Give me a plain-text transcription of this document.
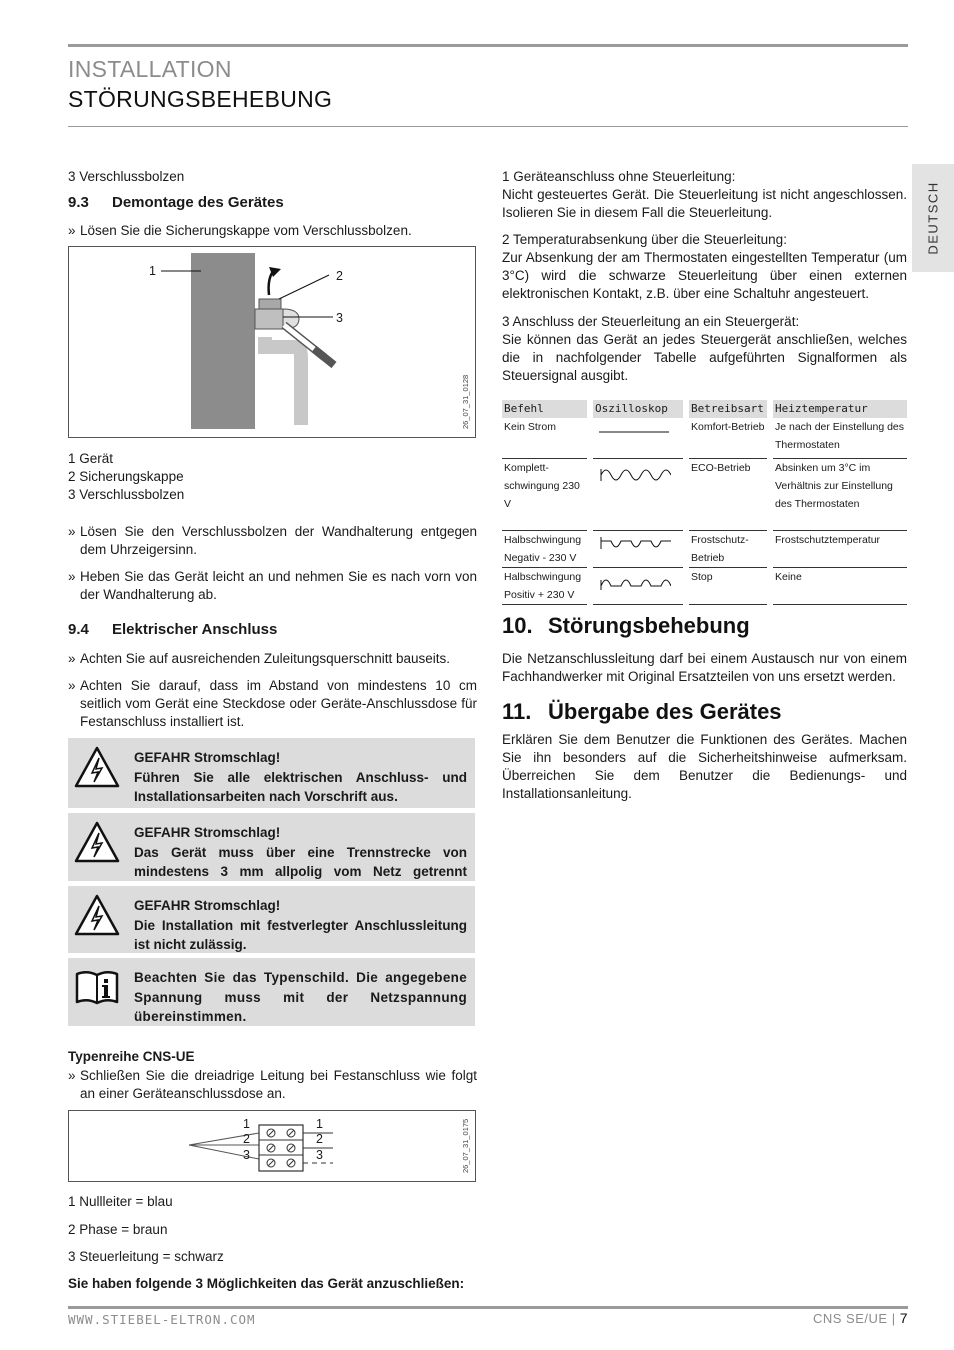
INSTALLATION
STÖRUNGSBEHEBUNG
DEUTSCH
3 Verschlussbolzen
9.3 Demontage des Gerätes
» Lösen Sie die Sicherungskappe vom Verschlussbolzen.
1	2
3
26_07_31_0128
1 Gerät
2 Sicherungskappe
3 Verschlussbolzen
» Lösen Sie den Verschlussbolzen der Wandhalterung entgegen dem Uhrzeigersinn.
» Heben Sie das Gerät leicht an und nehmen Sie es nach vorn von der Wandhalterung ab.
9.4 Elektrischer Anschluss
» Achten Sie auf ausreichenden Zuleitungsquerschnitt bauseits.
» Achten Sie darauf, dass im Abstand von mindestens 10 cm seitlich vom Gerät eine Steckdose oder Geräte-Anschlussdose für Festanschluss installiert ist.
GEFAHR Stromschlag!
Führen Sie alle elektrischen Anschluss- und Installationsarbeiten nach Vorschrift aus.
GEFAHR Stromschlag!
Das Gerät muss über eine Trennstrecke von mindestens 3 mm allpolig vom Netz getrennt
GEFAHR Stromschlag!
Die Installation mit festverlegter Anschlussleitung ist nicht zulässig.
Beachten Sie das Typenschild. Die angegebene Spannung muss mit der Netzspannung übereinstimmen.
Typenreihe CNS-UE
» Schließen Sie die dreiadrige Leitung bei Festanschluss wie folgt an einer Geräteanschlussdose an.
1
2
3
1
2
3	26_07_31_0175
1 Nullleiter = blau
2 Phase = braun
3 Steuerleitung = schwarz
Sie haben folgende 3 Möglichkeiten das Gerät anzuschließen:
1 Geräteanschluss ohne Steuerleitung:
Nicht gesteuertes Gerät. Die Steuerleitung ist nicht angeschlossen. Isolieren Sie in diesem Fall die Steuerleitung.
2 Temperaturabsenkung über die Steuerleitung:
Zur Absenkung der am Thermostaten eingestellten Temperatur (um 3°C) wird die schwarze Steuerleitung über einen externen elektronischen Kontakt, z.B. über eine Schaltuhr angesteuert.
3 Anschluss der Steuerleitung an ein Steuergerät:
Sie können das Gerät an jedes Steuergerät anschließen, welches die in nachfolgender Tabelle aufgeführten Signalformen als Steuersignal ausgibt.
Befehl	Oszilloskop	Betreibsart	Heiztemperatur
Kein Strom		Komfort-Betrieb	Je nach der Einstellung des Thermostaten
Komplett-schwingung 230 V		ECO-Betrieb	Absinken um 3°C im Verhältnis zur Einstellung des Thermostaten
Halbschwingung Negativ - 230 V		Frostschutz-Betrieb	Frostschutztemperatur
Halbschwingung Positiv + 230 V		Stop	Keine
10. Störungsbehebung
Die Netzanschlussleitung darf bei einem Austausch nur von einem Fachhandwerker mit Original Ersatzteilen von uns ersetzt werden.
11. Übergabe des Gerätes
Erklären Sie dem Benutzer die Funktionen des Gerätes. Machen Sie ihn besonders auf die Sicherheitshinweise aufmerksam. Überreichen Sie dem Benutzer die Bedienungs- und Installationsanleitung.
WWW.STIEBEL-ELTRON.COM	CNS SE/UE | 7
